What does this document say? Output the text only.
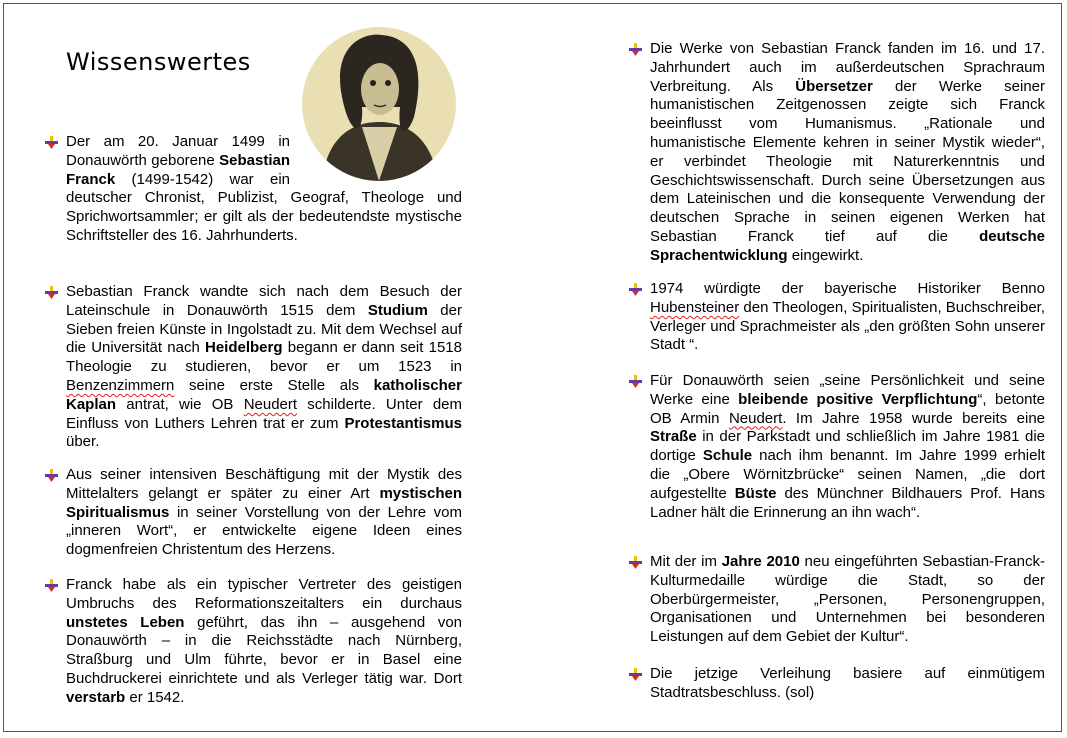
Wissenswertes
Der am 20. Januar 1499 in Donauwörth geborene Sebastian Franck (1499-1542) war ein deutscher Chronist, Publizist, Geograf, Theologe und Sprichwortsammler; er gilt als der bedeutendste mystische Schriftsteller des 16. Jahrhunderts.
Sebastian Franck wandte sich nach dem Besuch der Lateinschule in Donauwörth 1515 dem Studium der Sieben freien Künste in Ingolstadt zu. Mit dem Wechsel auf die Universität nach Heidelberg begann er dann seit 1518 Theologie zu studieren, bevor er um 1523 in Benzenzimmern seine erste Stelle als katholischer Kaplan antrat, wie OB Neudert schilderte. Unter dem Einfluss von Luthers Lehren trat er zum Protestantismus über.
Aus seiner intensiven Beschäftigung mit der Mystik des Mittelalters gelangt er später zu einer Art mystischen Spiritualismus in seiner Vorstellung von der Lehre vom „inneren Wort“, er entwickelte eigene Ideen eines dogmenfreien Christentum des Herzens.
Franck habe als ein typischer Vertreter des geistigen Umbruchs des Reformationszeitalters ein durchaus unstetes Leben geführt, das ihn – ausgehend von Donauwörth – in die Reichsstädte nach Nürnberg, Straßburg und Ulm führte, bevor er in Basel eine Buchdruckerei einrichtete und als Verleger tätig war. Dort verstarb er 1542.
Die Werke von Sebastian Franck fanden im 16. und 17. Jahrhundert auch im außerdeutschen Sprachraum Verbreitung. Als Übersetzer der Werke seiner humanistischen Zeitgenossen zeigte sich Franck beeinflusst vom Humanismus. „Rationale und humanistische Elemente kehren in seiner Mystik wieder“, er verbindet Theologie mit Naturerkenntnis und Geschichtswissenschaft. Durch seine Übersetzungen aus dem Lateinischen und die konsequente Verwendung der deutschen Sprache in seinen eigenen Werken hat Sebastian Franck tief auf die deutsche Sprachentwicklung eingewirkt.
1974 würdigte der bayerische Historiker Benno Hubensteiner den Theologen, Spiritualisten, Buchschreiber, Verleger und Sprachmeister als „den größten Sohn unserer Stadt “.
Für Donauwörth seien „seine Persönlichkeit und seine Werke eine bleibende positive Verpflichtung“, betonte OB Armin Neudert. Im Jahre 1958 wurde bereits eine Straße in der Parkstadt und schließlich im Jahre 1981 die dortige Schule nach ihm benannt. Im Jahre 1999 erhielt die „Obere Wörnitzbrücke“ seinen Namen, „die dort aufgestellte Büste des Münchner Bildhauers Prof. Hans Ladner hält die Erinnerung an ihn wach“.
Mit der im Jahre 2010 neu eingeführten Sebastian-Franck-Kulturmedaille würdige die Stadt, so der Oberbürgermeister, „Personen, Personengruppen, Organisationen und Unternehmen bei besonderen Leistungen auf dem Gebiet der Kultur“.
Die jetzige Verleihung basiere auf einmütigem Stadtratsbeschluss. (sol)
